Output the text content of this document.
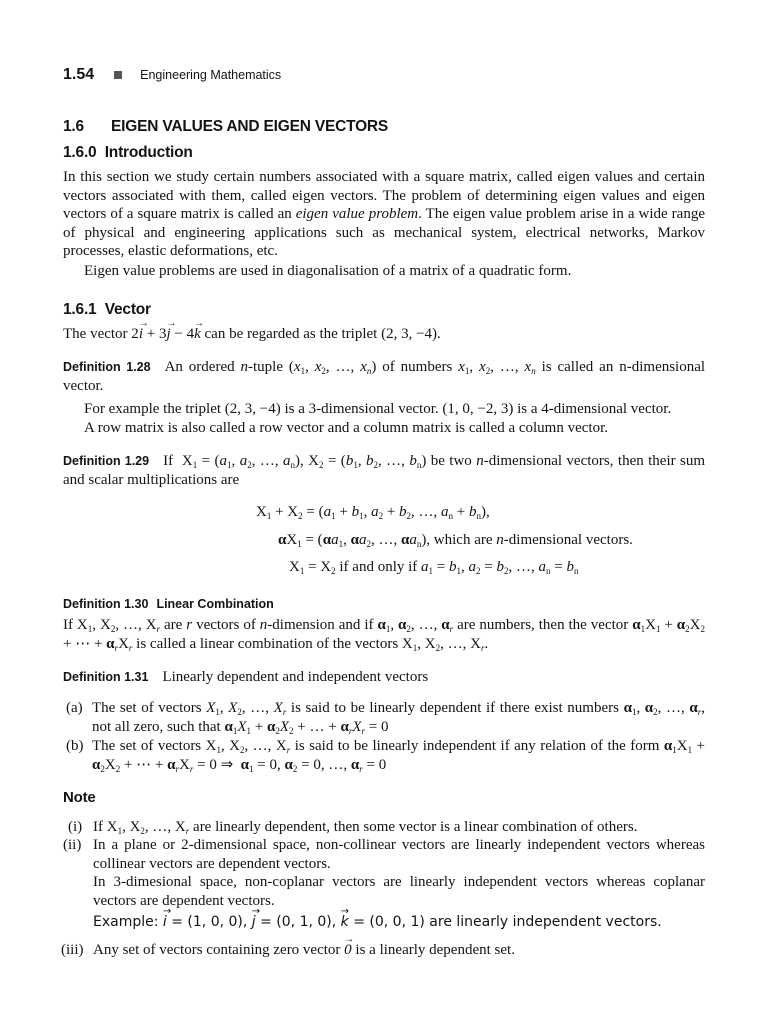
1.54	Engineering Mathematics
1.6 EIGEN VALUES AND EIGEN VECTORS
1.6.0 Introduction
In this section we study certain numbers associated with a square matrix, called eigen values and certain vectors associated with them, called eigen vectors. The problem of determining eigen values and eigen vectors of a square matrix is called an eigen value problem. The eigen value problem arise in a wide range of physical and engineering applications such as mechanical system, electrical networks, Markov processes, elastic deformations, etc.
Eigen value problems are used in diagonalisation of a matrix of a quadratic form.
1.6.1 Vector
The vector 2i → + 3j → − 4k → can be regarded as the triplet (2, 3, −4).
Definition 1.28 An ordered n-tuple ($x_1$, $x_2$, …, $x_n$) of numbers $x_1$, $x_2$, …, $x_n$ is called an n-dimensional vector.
For example the triplet (2, 3, −4) is a 3-dimensional vector. (1, 0, −2, 3) is a 4-dimensional vector.
A row matrix is also called a row vector and a column matrix is called a column vector.
Definition 1.29 If  $X_1 = (a_1$, $a_2$, …, $a_n$), $X_2 = (b_1$, $b_2$, …, $b_n$) be two n-dimensional vectors, then their sum and scalar multiplications are
$X_1 + X_2 = (a_1 + b_1$, $a_2 + b_2$, …, $a_n + b_n$),
$\alpha X_1 = (\alpha a_1$, $\alpha a_2$, …, $\alpha a_n$), which are n-dimensional vectors.
$X_1 = X_2$ if and only if $a_1 = b_1$, $a_2 = b_2$, …, $a_n = b_n$
Definition 1.30 Linear Combination
If $X_1$, $X_2$, …, $X_r$ are r vectors of n-dimension and if $\alpha_1$, $\alpha_2$, …, $\alpha_r$ are numbers, then the vector $\alpha_1X_1 + \alpha_2X_2$ + ⋯ + $\alpha_rX_r$ is called a linear combination of the vectors $X_1$, $X_2$, …, $X_r$.
Definition 1.31 Linearly dependent and independent vectors
(a) The set of vectors $X_1$, $X_2$, …, $X_r$ is said to be linearly dependent if there exist numbers $\alpha_1$, $\alpha_2$, …, $\alpha_r$, not all zero, such that $\alpha_1X_1 + \alpha_2X_2$ + … + $\alpha_rX_r = 0$
(b) The set of vectors $X_1$, $X_2$, …, $X_r$ is said to be linearly independent if any relation of the form $\alpha_1X_1 + \alpha_2X_2$ + ⋯ + $\alpha_rX_r = 0$ ⇒  $\alpha_1 = 0$, $\alpha_2 = 0$, …, $\alpha_r = 0$
Note
(i) If $X_1$, $X_2$, …, $X_r$ are linearly dependent, then some vector is a linear combination of others.
(ii) In a plane or 2-dimensional space, non-collinear vectors are linearly independent vectors whereas collinear vectors are dependent vectors.
In 3-dimesional space, non-coplanar vectors are linearly independent vectors whereas coplanar vectors are dependent vectors.
Example: i → = (1, 0, 0), j → = (0, 1, 0), k → = (0, 0, 1) are linearly independent vectors.
(iii) Any set of vectors containing zero vector 0 → is a linearly dependent set.
